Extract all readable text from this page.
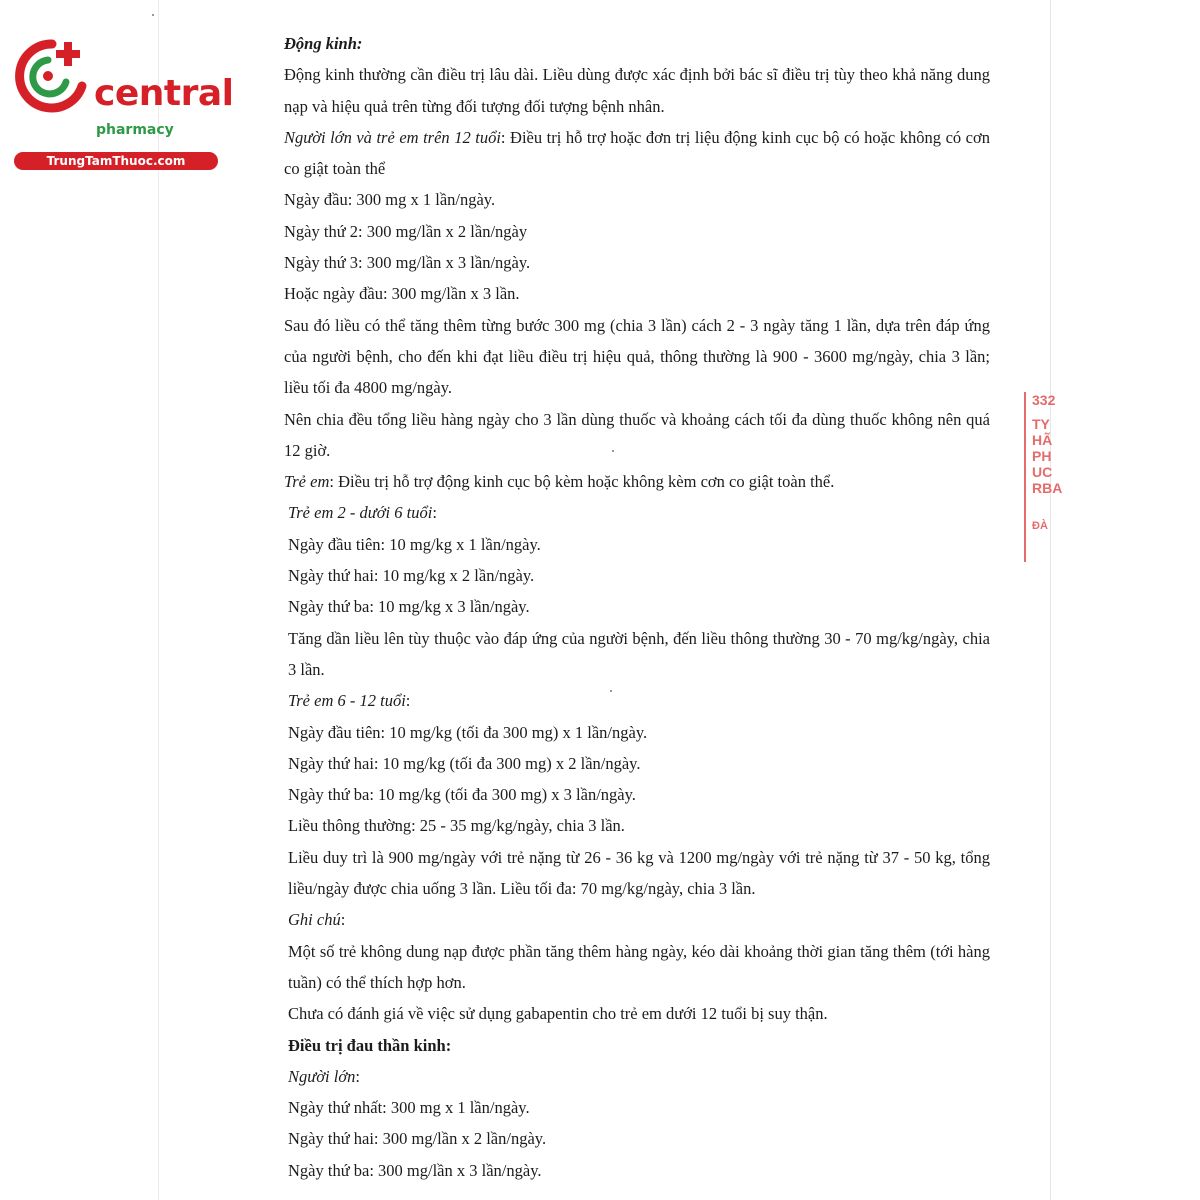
central
pharmacy
TrungTamThuoc.com
332
TY
HÃ
PH
UC
RBA
ĐÀ
Động kinh:
Động kinh thường cần điều trị lâu dài. Liều dùng được xác định bởi bác sĩ điều trị tùy theo khả năng dung nạp và hiệu quả trên từng đối tượng đối tượng bệnh nhân.
Người lớn và trẻ em trên 12 tuổi: Điều trị hỗ trợ hoặc đơn trị liệu động kinh cục bộ có hoặc không có cơn co giật toàn thể
Ngày đầu: 300 mg x 1 lần/ngày.
Ngày thứ 2: 300 mg/lần x 2 lần/ngày
Ngày thứ 3: 300 mg/lần x 3 lần/ngày.
Hoặc ngày đầu: 300 mg/lần x 3 lần.
Sau đó liều có thể tăng thêm từng bước 300 mg (chia 3 lần) cách 2 - 3 ngày tăng 1 lần, dựa trên đáp ứng của người bệnh, cho đến khi đạt liều điều trị hiệu quả, thông thường là 900 - 3600 mg/ngày, chia 3 lần; liều tối đa 4800 mg/ngày.
Nên chia đều tổng liều hàng ngày cho 3 lần dùng thuốc và khoảng cách tối đa dùng thuốc không nên quá 12 giờ.
Trẻ em: Điều trị hỗ trợ động kinh cục bộ kèm hoặc không kèm cơn co giật toàn thể.
Trẻ em 2 - dưới 6 tuổi:
Ngày đầu tiên: 10 mg/kg x 1 lần/ngày.
Ngày thứ hai: 10 mg/kg x 2 lần/ngày.
Ngày thứ ba: 10 mg/kg x 3 lần/ngày.
Tăng dần liều lên tùy thuộc vào đáp ứng của người bệnh, đến liều thông thường 30 - 70 mg/kg/ngày, chia 3 lần.
Trẻ em 6 - 12 tuổi:
Ngày đầu tiên: 10 mg/kg (tối đa 300 mg) x 1 lần/ngày.
Ngày thứ hai: 10 mg/kg (tối đa 300 mg) x 2 lần/ngày.
Ngày thứ ba: 10 mg/kg (tối đa 300 mg) x 3 lần/ngày.
Liều thông thường: 25 - 35 mg/kg/ngày, chia 3 lần.
Liều duy trì là 900 mg/ngày với trẻ nặng từ 26 - 36 kg và 1200 mg/ngày với trẻ nặng từ 37 - 50 kg, tổng liều/ngày được chia uống 3 lần. Liều tối đa: 70 mg/kg/ngày, chia 3 lần.
Ghi chú:
Một số trẻ không dung nạp được phần tăng thêm hàng ngày, kéo dài khoảng thời gian tăng thêm (tới hàng tuần) có thể thích hợp hơn.
Chưa có đánh giá về việc sử dụng gabapentin cho trẻ em dưới 12 tuổi bị suy thận.
Điều trị đau thần kinh:
Người lớn:
Ngày thứ nhất: 300 mg x 1 lần/ngày.
Ngày thứ hai: 300 mg/lần x 2 lần/ngày.
Ngày thứ ba: 300 mg/lần x 3 lần/ngày.
